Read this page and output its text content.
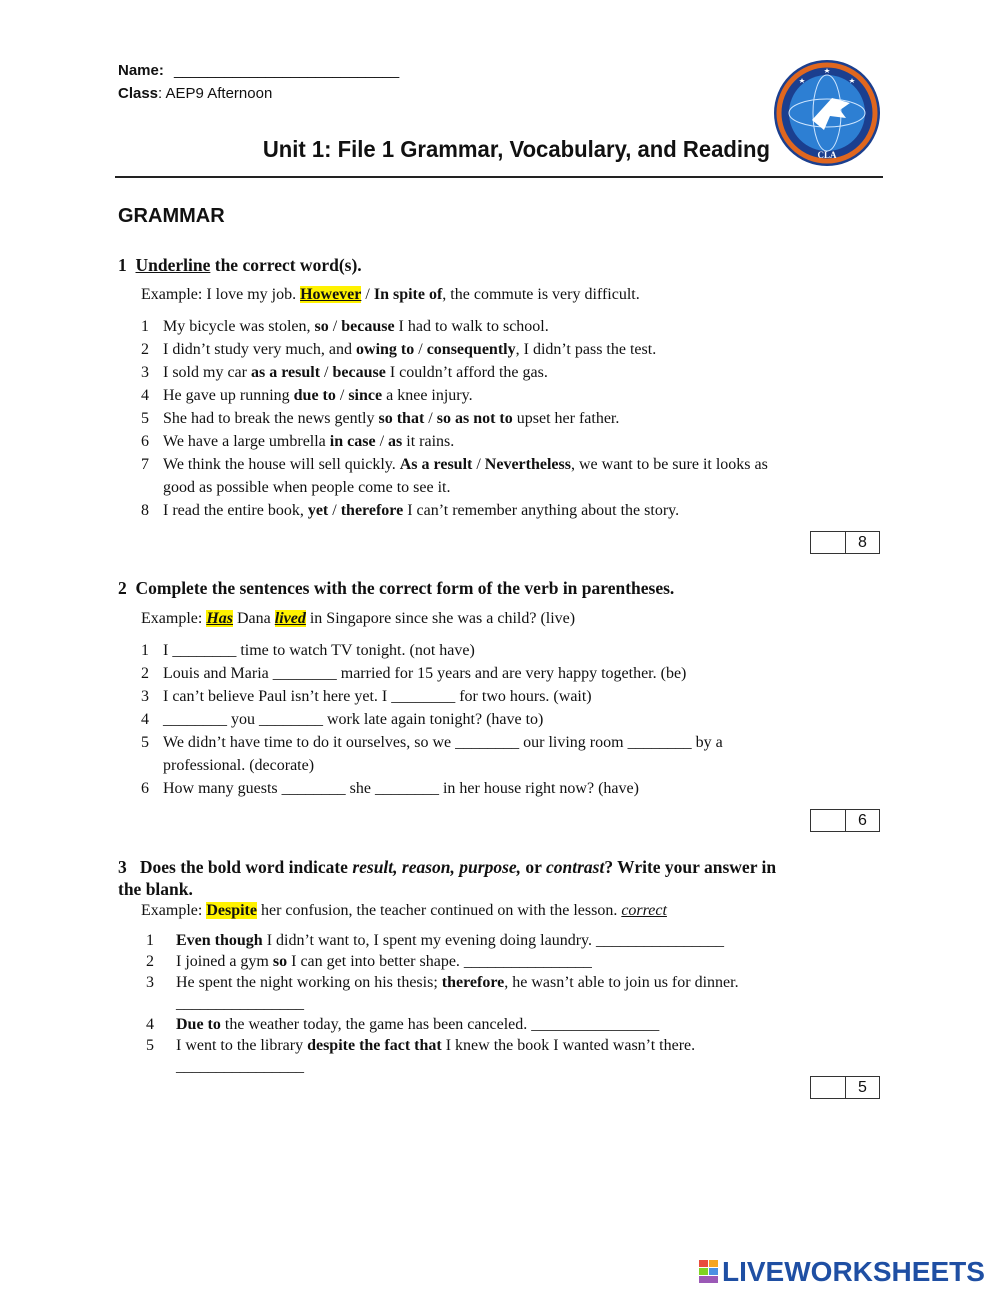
Name: ___________________________
Class: AEP9 Afternoon
Unit 1: File 1 Grammar, Vocabulary, and Reading	CLA
GRAMMAR
1 Underline the correct word(s).
Example: I love my job. However / In spite of, the commute is very difficult.
1 My bicycle was stolen, so / because I had to walk to school.
2 I didn’t study very much, and owing to / consequently, I didn’t pass the test.
3 I sold my car as a result / because I couldn’t afford the gas.
4 He gave up running due to / since a knee injury.
5 She had to break the news gently so that / so as not to upset her father.
6 We have a large umbrella in case / as it rains.
7 We think the house will sell quickly. As a result / Nevertheless, we want to be sure it looks as
good as possible when people come to see it.
8 I read the entire book, yet / therefore I can’t remember anything about the story.
8
2 Complete the sentences with the correct form of the verb in parentheses.
Example: Has Dana lived in Singapore since she was a child? (live)
1 I ________ time to watch TV tonight. (not have)
2 Louis and Maria ________ married for 15 years and are very happy together. (be)
3 I can’t believe Paul isn’t here yet. I ________ for two hours. (wait)
4 ________ you ________ work late again tonight? (have to)
5 We didn’t have time to do it ourselves, so we ________ our living room ________ by a
professional. (decorate)
6 How many guests ________ she ________ in her house right now? (have)
6
3 Does the bold word indicate result, reason, purpose, or contrast? Write your answer in
the blank.
Example: Despite her confusion, the teacher continued on with the lesson. correct
1 Even though I didn’t want to, I spent my evening doing laundry. ________________
2 I joined a gym so I can get into better shape. ________________
3 He spent the night working on his thesis; therefore, he wasn’t able to join us for dinner.
________________
4 Due to the weather today, the game has been canceled. ________________
5 I went to the library despite the fact that I knew the book I wanted wasn’t there.
________________
5
LIVEWORKSHEETS
